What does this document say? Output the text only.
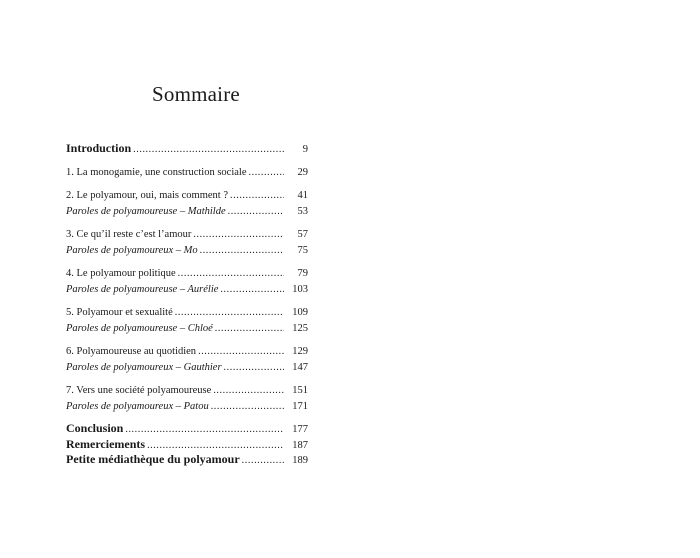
Sommaire
Introduction .....	9
1. La monogamie, une construction sociale .....	29
2. Le polyamour, oui, mais comment ? .....	41
Paroles de polyamoureuse – Mathilde .....	53
3. Ce qu’il reste c’est l’amour .....	57
Paroles de polyamoureux – Mo .....	75
4. Le polyamour politique .....	79
Paroles de polyamoureuse – Aurélie .....	103
5. Polyamour et sexualité .....	109
Paroles de polyamoureuse – Chloé .....	125
6. Polyamoureuse au quotidien .....	129
Paroles de polyamoureux – Gauthier .....	147
7. Vers une société polyamoureuse .....	151
Paroles de polyamoureux – Patou .....	171
Conclusion .....	177
Remerciements .....	187
Petite médiathèque du polyamour .....	189
